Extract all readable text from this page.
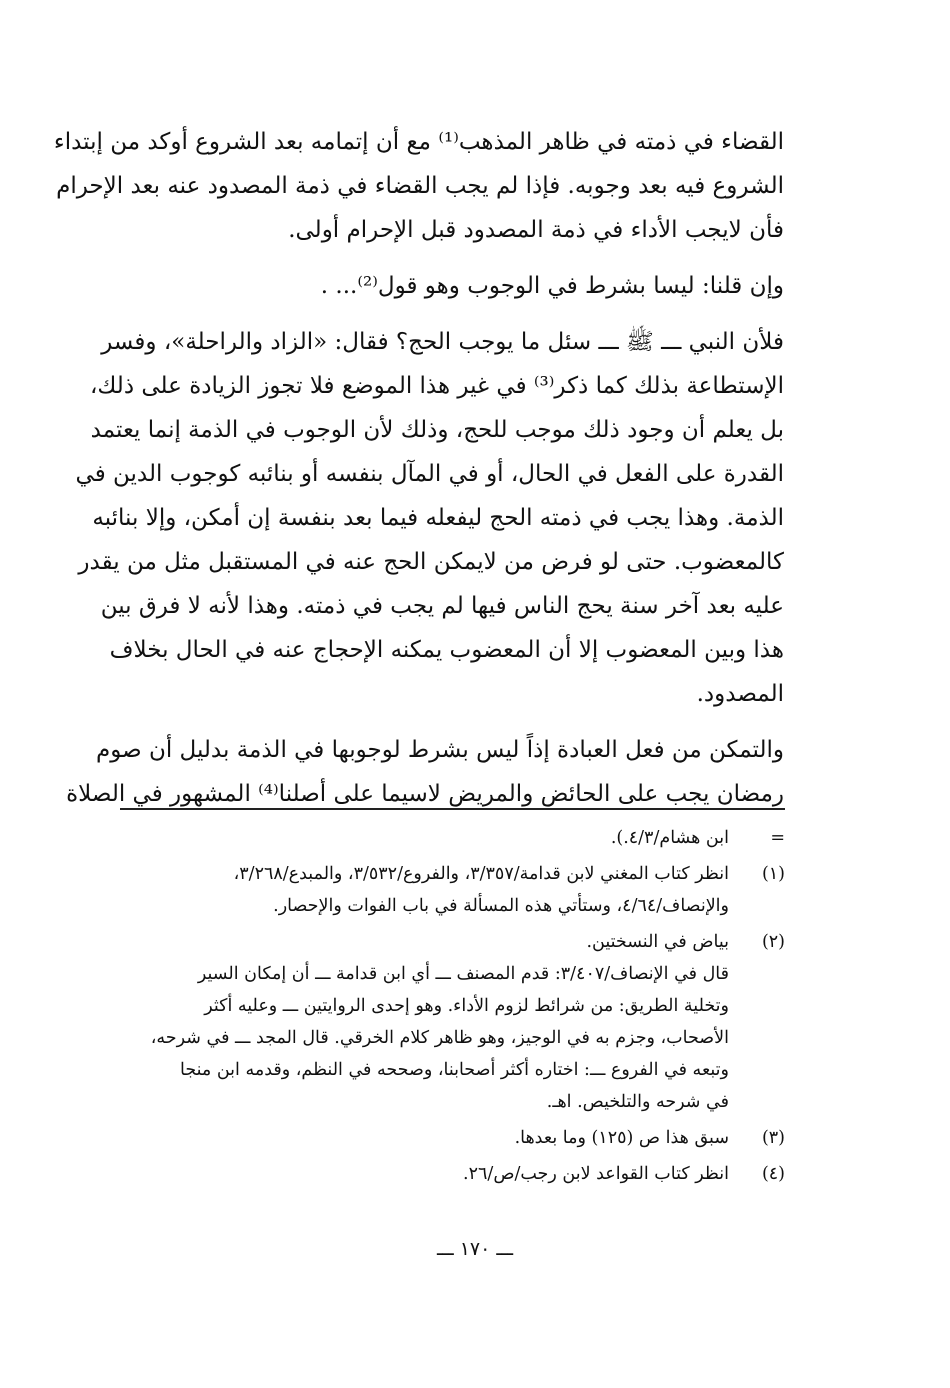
القضاء في ذمته في ظاهر المذهب⁽¹⁾ مع أن إتمامه بعد الشروع أوكد من إبتداء
الشروع فيه بعد وجوبه. فإذا لم يجب القضاء في ذمة المصدود عنه بعد الإحرام
فأن لايجب الأداء في ذمة المصدود قبل الإحرام أولى.
وإن قلنا: ليسا بشرط في الوجوب وهو قول⁽²⁾... .
فلأن النبي ـــ ﷺ ـــ سئل ما يوجب الحج؟ فقال: «الزاد والراحلة»، وفسر
الإستطاعة بذلك كما ذكر⁽³⁾ في غير هذا الموضع فلا تجوز الزيادة على ذلك،
بل يعلم أن وجود ذلك موجب للحج، وذلك لأن الوجوب في الذمة إنما يعتمد
القدرة على الفعل في الحال، أو في المآل بنفسه أو بنائبه كوجوب الدين في
الذمة. وهذا يجب في ذمته الحج ليفعله فيما بعد بنفسة إن أمكن، وإلا بنائبه
كالمعضوب. حتى لو فرض من لايمكن الحج عنه في المستقبل مثل من يقدر
عليه بعد آخر سنة يحج الناس فيها لم يجب في ذمته. وهذا لأنه لا فرق بين
هذا وبين المعضوب إلا أن المعضوب يمكنه الإحجاج عنه في الحال بخلاف
المصدود.
والتمكن من فعل العبادة إذاً ليس بشرط لوجوبها في الذمة بدليل أن صوم
رمضان يجب على الحائض والمريض لاسيما على أصلنا⁽⁴⁾ المشهور في الصلاة
=
ابن هشام/٤/٣.).
(١)
انظر كتاب المغني لابن قدامة/٣/٣٥٧، والفروع/٣/٥٣٢، والمبدع/٣/٢٦٨،
والإنصاف/٤/٦٤، وستأتي هذه المسألة في باب الفوات والإحصار.
(٢)
بياض في النسختين.
قال في الإنصاف/٣/٤٠٧: قدم المصنف ـــ أي ابن قدامة ـــ أن إمكان السير
وتخلية الطريق: من شرائط لزوم الأداء. وهو إحدى الروايتين ـــ وعليه أكثر
الأصحاب، وجزم به في الوجيز، وهو ظاهر كلام الخرقي. قال المجد ـــ في شرحه،
وتبعه في الفروع ـــ: اختاره أكثر أصحابنا، وصححه في النظم، وقدمه ابن منجا
في شرحه والتلخيص. اهـ.
(٣)
سبق هذا ص (١٢٥) وما بعدها.
(٤)
انظر كتاب القواعد لابن رجب/ص/٢٦.
ـــ ١٧٠ ـــ
